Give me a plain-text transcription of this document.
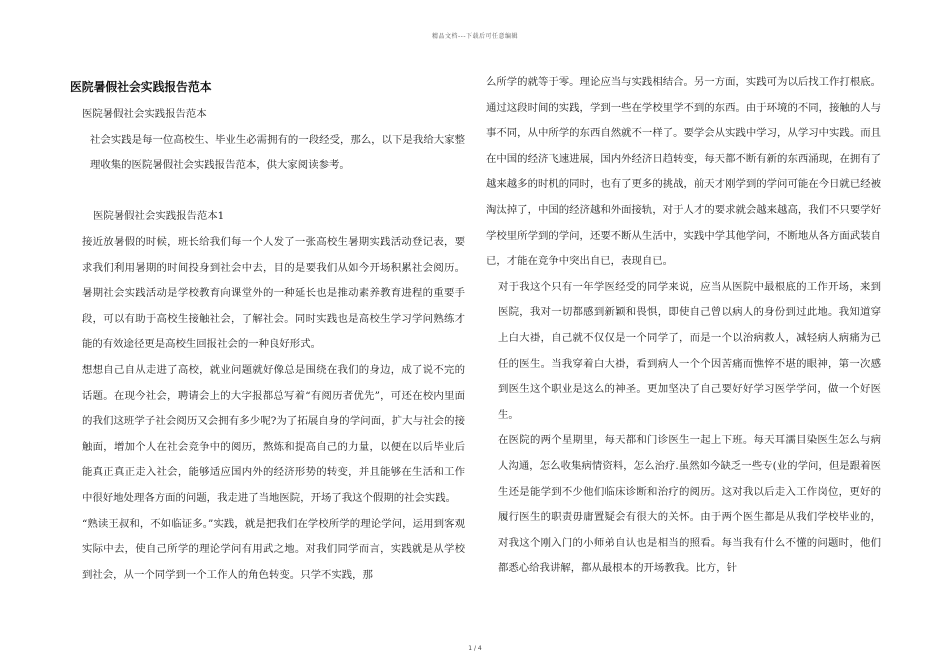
精品文档---下载后可任意编辑
医院暑假社会实践报告范本

医院暑假社会实践报告范本

社会实践是每一位高校生、毕业生必需拥有的一段经受，那么，以下是我给大家整理收集的医院暑假社会实践报告范本，供大家阅读参考。

医院暑假社会实践报告范本1

接近放暑假的时候，班长给我们每一个人发了一张高校生暑期实践活动登记表，要求我们利用暑期的时间投身到社会中去，目的是要我们从如今开场积累社会阅历。暑期社会实践活动是学校教育向课堂外的一种延长也是推动素养教育进程的重要手段，可以有助于高校生接触社会，了解社会。同时实践也是高校生学习学问熟练才能的有效途径更是高校生回报社会的一种良好形式。

想想自己自从走进了高校，就业问题就好像总是围绕在我们的身边，成了说不完的话题。在现今社会，聘请会上的大字报都总写着“有阅历者优先”，可还在校内里面的我们这班学子社会阅历又会拥有多少呢?为了拓展自身的学问面，扩大与社会的接触面，增加个人在社会竞争中的阅历，熬炼和提高自己的力量，以便在以后毕业后能真正真正走入社会，能够适应国内外的经济形势的转变，并且能够在生活和工作中很好地处理各方面的问题，我走进了当地医院，开场了我这个假期的社会实践。

“熟读王叔和，不如临证多。”实践，就是把我们在学校所学的理论学问，运用到客观实际中去，使自己所学的理论学问有用武之地。对我们同学而言，实践就是从学校到社会，从一个同学到一个工作人的角色转变。只学不实践，那

么所学的就等于零。理论应当与实践相结合。另一方面，实践可为以后找工作打根底。通过这段时间的实践，学到一些在学校里学不到的东西。由于环境的不同，接触的人与事不同，从中所学的东西自然就不一样了。要学会从实践中学习，从学习中实践。而且在中国的经济飞速进展，国内外经济日趋转变，每天都不断有新的东西涌现，在拥有了越来越多的时机的同时，也有了更多的挑战，前天才刚学到的学问可能在今日就已经被淘汰掉了，中国的经济越和外面接轨，对于人才的要求就会越来越高，我们不只要学好学校里所学到的学问，还要不断从生活中，实践中学其他学问，不断地从各方面武装自已，才能在竞争中突出自已，表现自已。

对于我这个只有一年学医经受的同学来说，应当从医院中最根底的工作开场，来到医院，我对一切都感到新颖和畏惧，即使自己曾以病人的身份到过此地。我知道穿上白大褂，自己就不仅仅是一个同学了，而是一个以治病救人，减轻病人病痛为己任的医生。当我穿着白大褂，看到病人一个个因苦痛而憔悴不堪的眼神，第一次感到医生这个职业是这么的神圣。更加坚决了自己要好好学习医学学问，做一个好医生。

在医院的两个星期里，每天都和门诊医生一起上下班。每天耳濡目染医生怎么与病人沟通，怎么收集病情资料，怎么治疗.虽然如今缺乏一些专(业的学问，但是跟着医生还是能学到不少他们临床诊断和治疗的阅历。这对我以后走入工作岗位，更好的履行医生的职责毋庸置疑会有很大的关怀。由于两个医生都是从我们学校毕业的，对我这个刚入门的小师弟自认也是相当的照看。每当我有什么不懂的问题时，他们都悉心给我讲解，都从最根本的开场教我。比方，针

1 / 4
